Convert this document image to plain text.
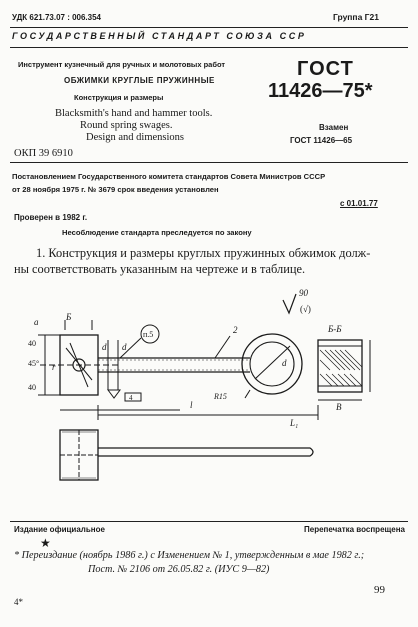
УДК 621.73.07 : 006.354	Группа Г21
ГОСУДАРСТВЕННЫЙ СТАНДАРТ СОЮЗА ССР
Инструмент кузнечный для ручных и молотовых работ
ОБЖИМКИ КРУГЛЫЕ ПРУЖИННЫЕ
Конструкция и размеры
Blacksmith's hand and hammer tools.
Round spring swages.
Design and dimensions
ГОСТ
11426—75*
Взамен
ГОСТ 11426—65
ОКП 39 6910
Постановлением Государственного комитета стандартов Совета Министров СССР
от 28 ноября 1975 г. № 3679 срок введения установлен
с 01.01.77
Проверен в 1982 г.
Несоблюдение стандарта преследуется по закону
1. Конструкция и размеры круглых пружинных обжимок долж-
ны соответствовать указанным на чертеже и в таблице.
90
(√)
a	Б
40
45°
40
r
d d
п.5	2
d
R15
4
l
L₁
Б-Б
B
Издание официальное	Перепечатка воспрещена
★
* Переиздание (ноябрь 1986 г.) с Изменением № 1, утвержденным в мае 1982 г.;
Пост. № 2106 от 26.05.82 г. (ИУС 9—82)
99
4*
